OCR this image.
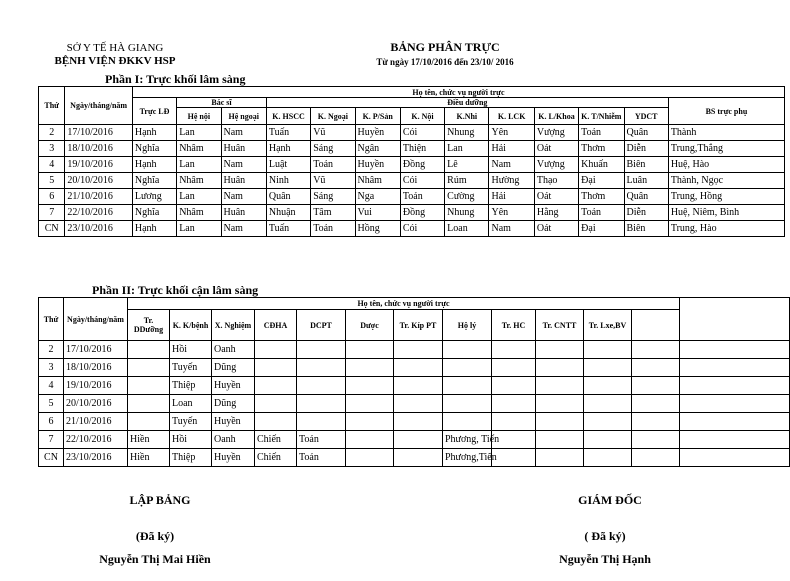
SỞ Y TẾ HÀ GIANG
BỆNH VIỆN ĐKKV HSP
BẢNG PHÂN TRỰC
Từ ngày 17/10/2016 đến 23/10/ 2016
Phần I: Trực khối lâm sàng
Thứ	Ngày/tháng/năm	Họ tên, chức vụ người trực												
		Trực LĐ	Bác sĩ		Điều dưỡng									BS trực phụ
			Hệ nội	Hệ ngoại	K. HSCC	K. Ngoại	K. P/Sản	K. Nội	K.Nhi	K. LCK	K. L/Khoa	K. T/Nhiễm	YDCT	
2	17/10/2016	Hạnh	Lan	Nam	Tuấn	Vũ	Huyền	Cói	Nhung	Yên	Vượng	Toản	Quân	Thành
3	18/10/2016	Nghĩa	Nhâm	Huân	Hạnh	Sáng	Ngân	Thiện	Lan	Hải	Oát	Thơm	Diễn	Trung,Thắng
4	19/10/2016	Hạnh	Lan	Nam	Luật	Toản	Huyền	Đồng	Lê	Nam	Vượng	Khuấn	Biên	Huệ, Hào
5	20/10/2016	Nghĩa	Nhâm	Huân	Ninh	Vũ	Nhâm	Cói	Rúm	Hường	Thạo	Đại	Luân	Thành, Ngọc
6	21/10/2016	Lương	Lan	Nam	Quân	Sáng	Nga	Toản	Cường	Hải	Oát	Thơm	Quân	Trung, Hồng
7	22/10/2016	Nghĩa	Nhâm	Huân	Nhuận	Tâm	Vui	Đồng	Nhung	Yên	Hằng	Toản	Diễn	Huệ, Niêm, Bình
CN	23/10/2016	Hạnh	Lan	Nam	Tuấn	Toản	Hồng	Cói	Loan	Nam	Oát	Đại	Biên	Trung, Hào
Phần II: Trực khối cận lâm sàng
Thứ	Ngày/tháng/năm	Họ tên, chức vụ người trực												
		Tr. DDưỡng	K. K/bệnh	X. Nghiệm	CĐHA	DCPT	Dược	Tr. Kíp PT	Hộ lý	Tr. HC	Tr. CNTT	Tr. Lxe,BV		
2	17/10/2016		Hồi	Oanh										
3	18/10/2016		Tuyến	Dũng										
4	19/10/2016		Thiệp	Huyền										
5	20/10/2016		Loan	Dũng										
6	21/10/2016		Tuyến	Huyền										
7	22/10/2016	Hiền	Hồi	Oanh	Chiến	Toản			Phương, Tiến					
CN	23/10/2016	Hiền	Thiệp	Huyền	Chiến	Toản			Phương,Tiến					
LẬP BẢNG
(Đã ký)
Nguyễn Thị Mai Hiền
GIÁM ĐỐC
( Đã ký)
Nguyễn Thị Hạnh
